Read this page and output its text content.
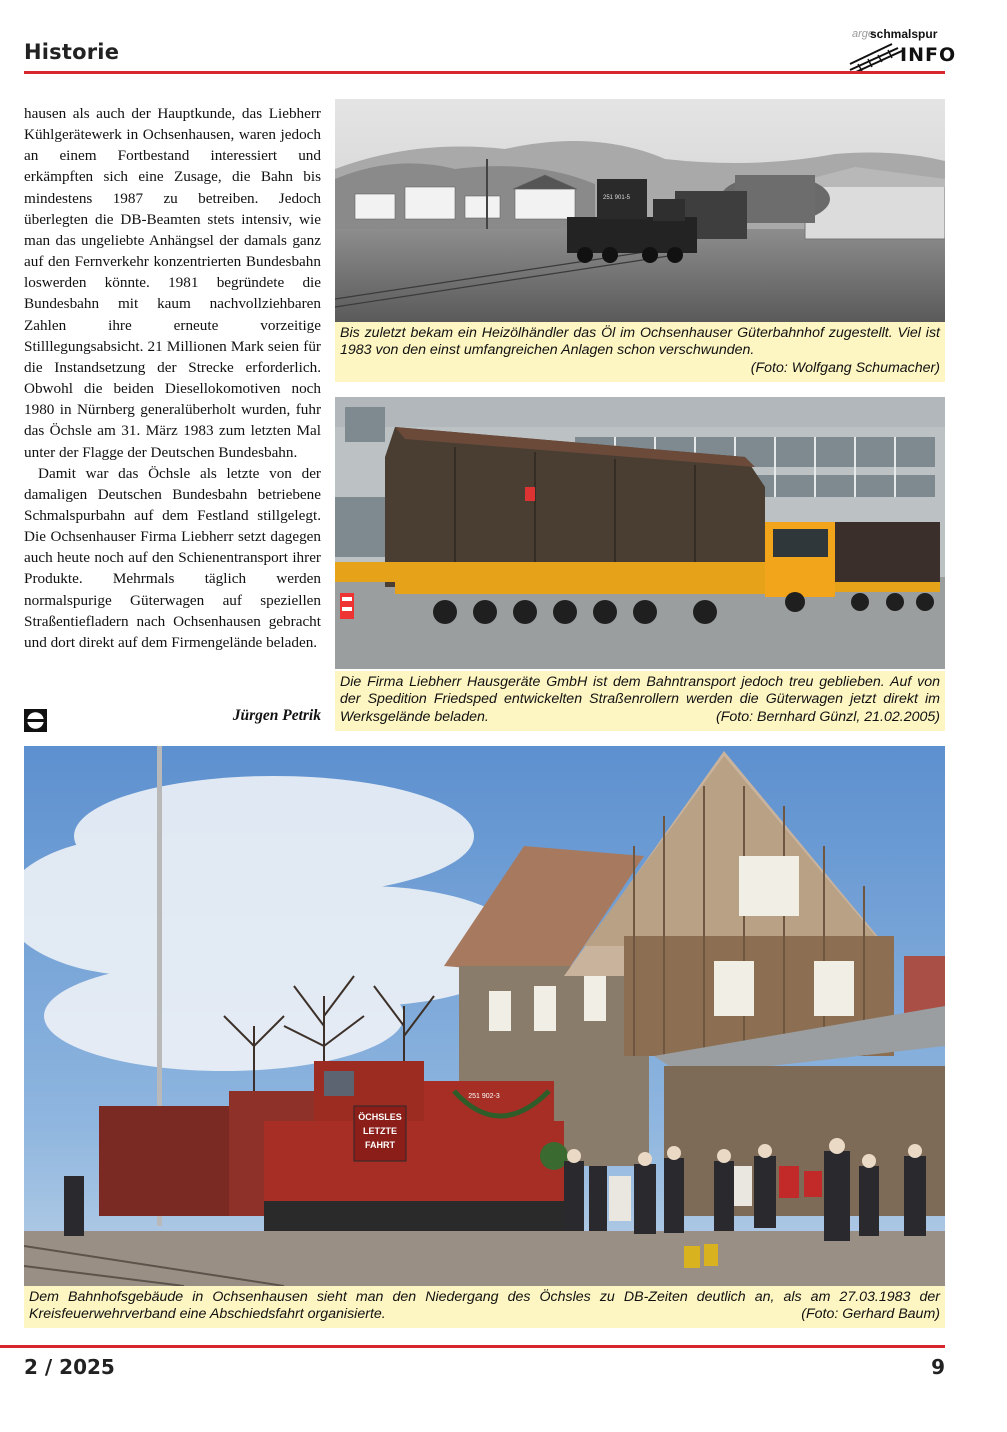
Historie
arge
schmalspur
INFO

hausen als auch der Hauptkunde, das Liebherr Kühlgerätewerk in Ochsenhausen, waren jedoch an einem Fortbestand interessiert und erkämpften sich eine Zusage, die Bahn bis mindestens 1987 zu betreiben. Jedoch überlegten die DB-Beamten stets intensiv, wie man das ungeliebte Anhängsel der damals ganz auf den Fernverkehr konzentrierten Bundesbahn loswerden könnte. 1981 begründete die Bundesbahn mit kaum nachvollziehbaren Zahlen ihre erneute vorzeitige Stilllegungsabsicht. 21 Millionen Mark seien für die Instandsetzung der Strecke erforderlich. Obwohl die beiden Diesellokomotiven noch 1980 in Nürnberg generalüberholt wurden, fuhr das Öchsle am 31. März 1983 zum letzten Mal unter der Flagge der Deutschen Bundesbahn.

Damit war das Öchsle als letzte von der damaligen Deutschen Bundesbahn betriebene Schmalspurbahn auf dem Festland stillgelegt. Die Ochsenhauser Firma Liebherr setzt dagegen auch heute noch auf den Schienentransport ihrer Produkte. Mehrmals täglich werden normalspurige Güterwagen auf speziellen Straßentiefladern nach Ochsenhausen gebracht und dort direkt auf dem Firmengelände beladen.

Jürgen Petrik
251 901-5
Bis zuletzt bekam ein Heizölhändler das Öl im Ochsenhauser Güterbahnhof zugestellt. Viel ist 1983 von den einst umfangreichen Anlagen schon verschwunden.
(Foto: Wolfgang Schumacher)
Die Firma Liebherr Hausgeräte GmbH ist dem Bahntransport jedoch treu geblieben. Auf von der Spedition Friedsped entwickelten Straßenrollern werden die Güterwagen jetzt direkt im Werksgelände beladen.	(Foto: Bernhard Günzl, 21.02.2005)
ÖCHSLES
LETZTE
FAHRT
251 902-3
Dem Bahnhofsgebäude in Ochsenhausen sieht man den Niedergang des Öchsles zu DB-Zeiten deutlich an, als am 27.03.1983 der Kreisfeuerwehrverband eine Abschiedsfahrt organisierte.	(Foto: Gerhard Baum)
2 / 2025	9
